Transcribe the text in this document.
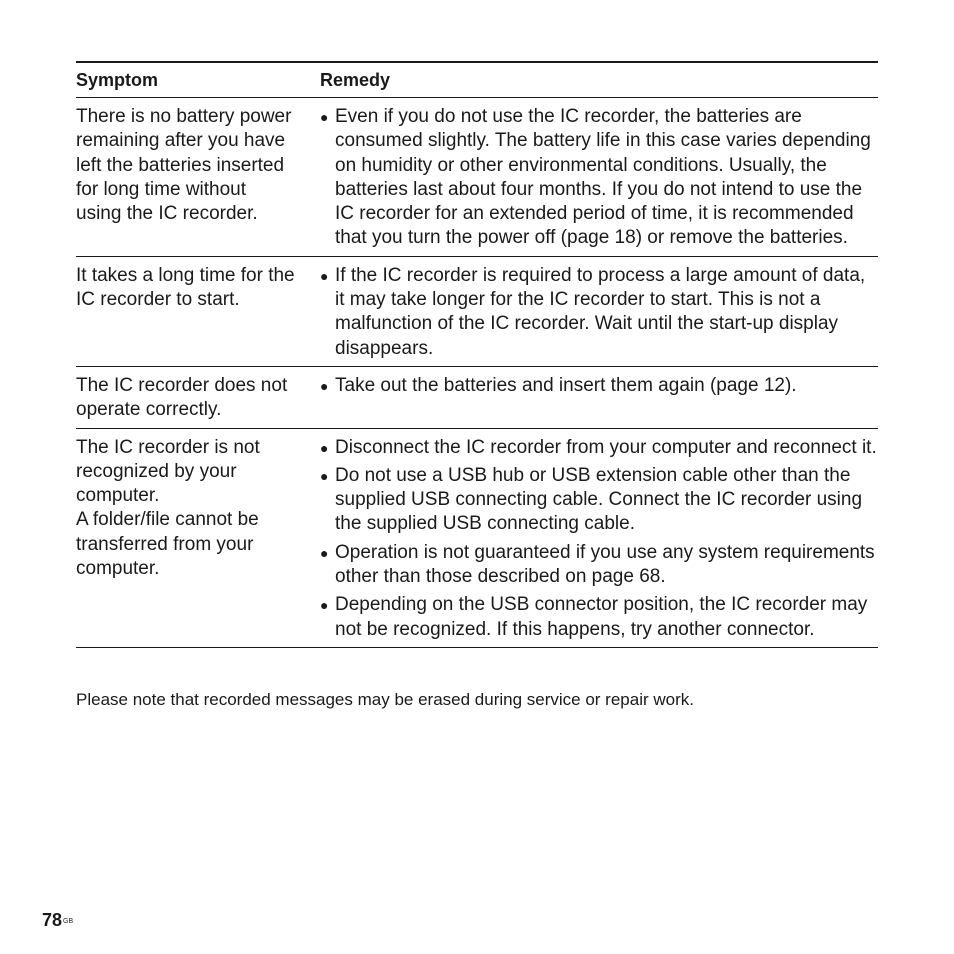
Symptom	Remedy
There is no battery power
remaining after you have
left the batteries inserted
for long time without
using the IC recorder.
● Even if you do not use the IC recorder, the batteries are consumed slightly. The battery life in this case varies depending on humidity or other environmental conditions. Usually, the batteries last about four months. If you do not intend to use the IC recorder for an extended period of time, it is recommended that you turn the power off (page 18) or remove the batteries.
It takes a long time for the
IC recorder to start.
● If the IC recorder is required to process a large amount of data, it may take longer for the IC recorder to start. This is not a malfunction of the IC recorder. Wait until the start-up display disappears.
The IC recorder does not
operate correctly.
● Take out the batteries and insert them again (page 12).
The IC recorder is not
recognized by your
computer.
A folder/file cannot be
transferred from your
computer.
● Disconnect the IC recorder from your computer and reconnect it.
● Do not use a USB hub or USB extension cable other than the supplied USB connecting cable. Connect the IC recorder using the supplied USB connecting cable.
● Operation is not guaranteed if you use any system requirements other than those described on page 68.
● Depending on the USB connector position, the IC recorder may not be recognized. If this happens, try another connector.
Please note that recorded messages may be erased during service or repair work.
$78^{GB}$
